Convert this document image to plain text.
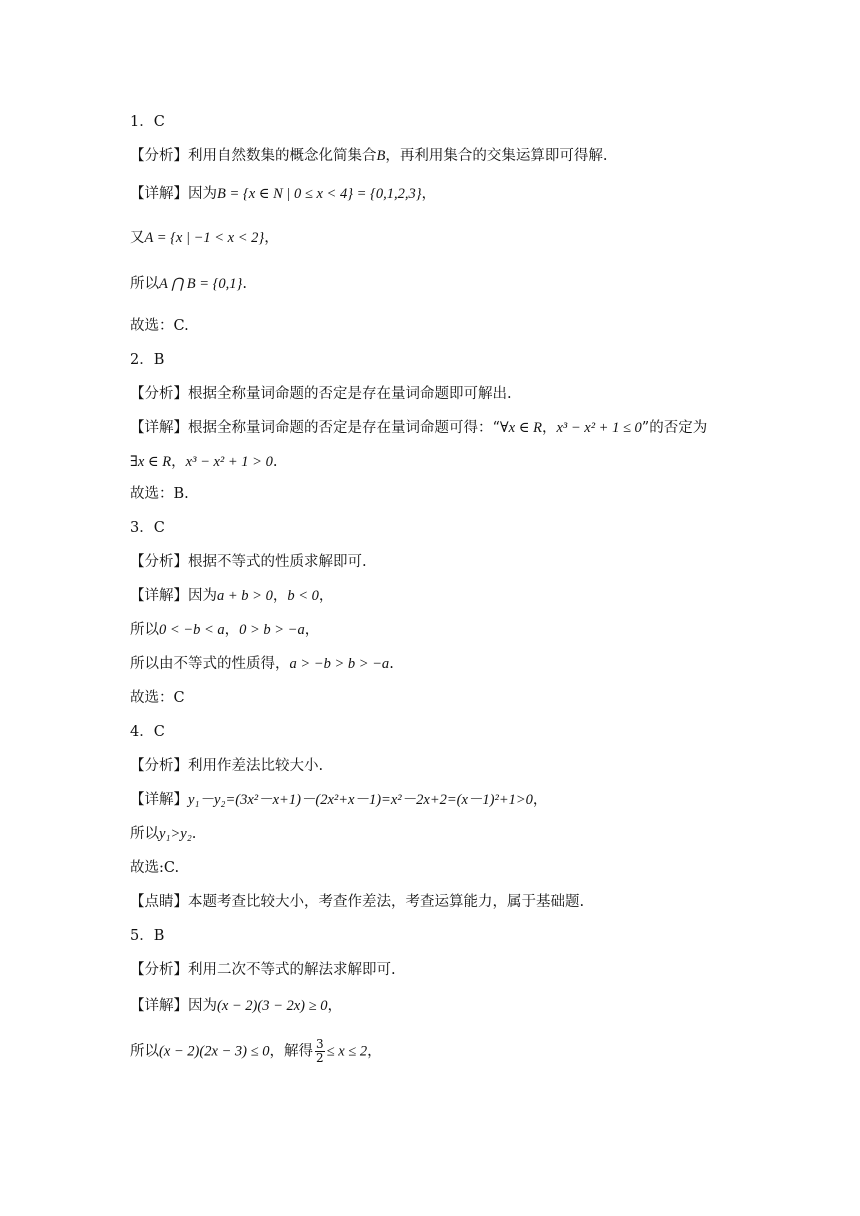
1．C
【分析】利用自然数集的概念化简集合B，再利用集合的交集运算即可得解.
【详解】因为B = {x ∈ N | 0 ≤ x < 4} = {0,1,2,3}，
又A = {x | −1 < x < 2}，
所以A ⋂ B = {0,1}.
故选：C.
2．B
【分析】根据全称量词命题的否定是存在量词命题即可解出.
【详解】根据全称量词命题的否定是存在量词命题可得：“∀x ∈ R，x³ − x² + 1 ≤ 0”的否定为
∃x ∈ R，x³ − x² + 1 > 0.
故选：B.
3．C
【分析】根据不等式的性质求解即可.
【详解】因为a + b > 0，b < 0，
所以0 < −b < a，0 > b > −a，
所以由不等式的性质得，a > −b > b > −a.
故选：C
4．C
【分析】利用作差法比较大小.
【详解】y₁－y₂=(3x²－x+1)－(2x²+x－1)=x²－2x+2=(x－1)²+1>0，
所以y₁>y₂.
故选:C.
【点睛】本题考查比较大小，考查作差法，考查运算能力，属于基础题.
5．B
【分析】利用二次不等式的解法求解即可.
【详解】因为(x − 2)(3 − 2x) ≥ 0，
所以(x − 2)(2x − 3) ≤ 0，解得 $\frac{3}{2} \le x \le 2$，
